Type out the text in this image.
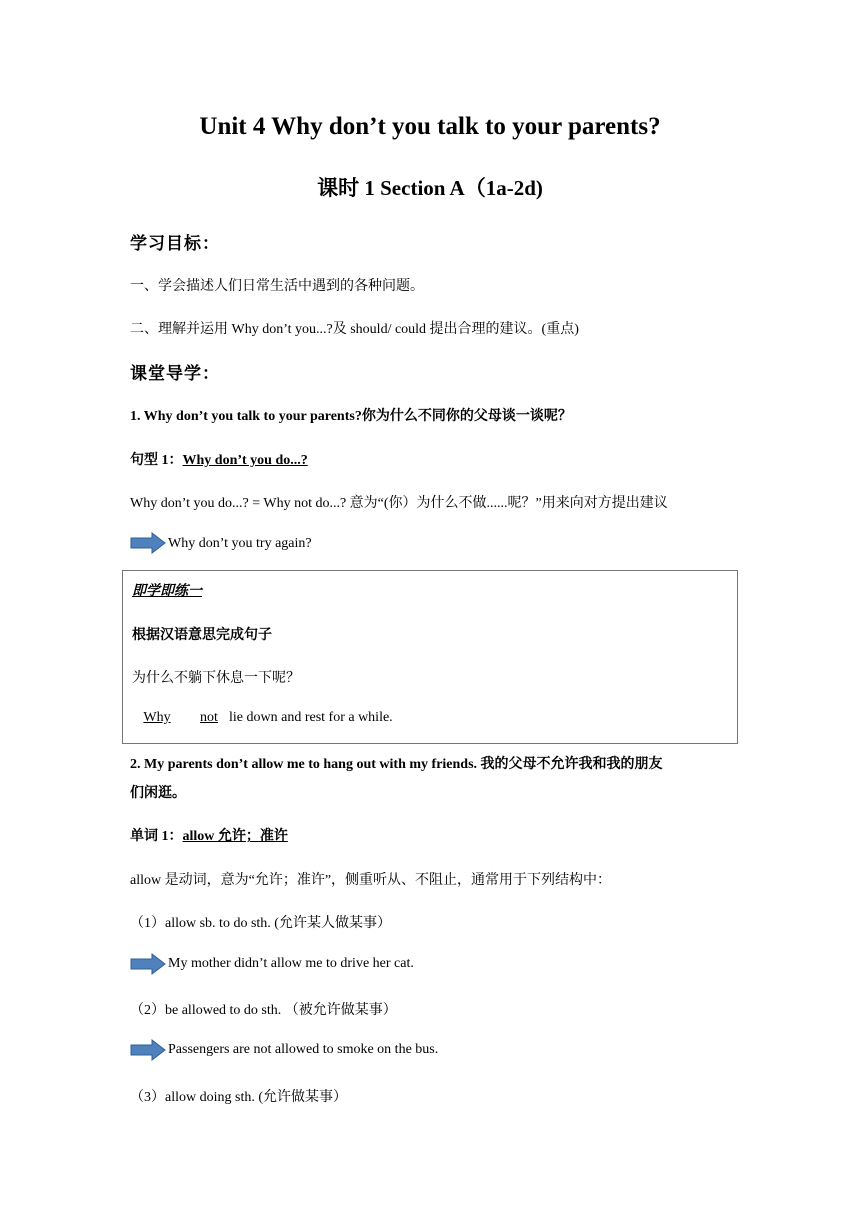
Unit 4 Why don’t you talk to your parents?
课时 1 Section A（1a-2d)
学习目标：
一、学会描述人们日常生活中遇到的各种问题。
二、理解并运用 Why don’t you...?及 should/ could 提出合理的建议。(重点)
课堂导学：
1. Why don’t you talk to your parents?你为什么不同你的父母谈一谈呢？
句型 1：Why don’t you do...?
Why don’t you do...? = Why not do...? 意为“(你）为什么不做......呢？”用来向对方提出建议
Why don’t you try again?
即学即练一
根据汉语意思完成句子
为什么不躺下休息一下呢？
Why not lie down and rest for a while.
2. My parents don’t allow me to hang out with my friends. 我的父母不允许我和我的朋友
们闲逛。
单词 1：allow 允许；准许
allow 是动词，意为“允许；准许”，侧重听从、不阻止，通常用于下列结构中：
（1）allow sb. to do sth. (允许某人做某事）
My mother didn’t allow me to drive her cat.
（2）be allowed to do sth. （被允许做某事）
Passengers are not allowed to smoke on the bus.
（3）allow doing sth. (允许做某事）
